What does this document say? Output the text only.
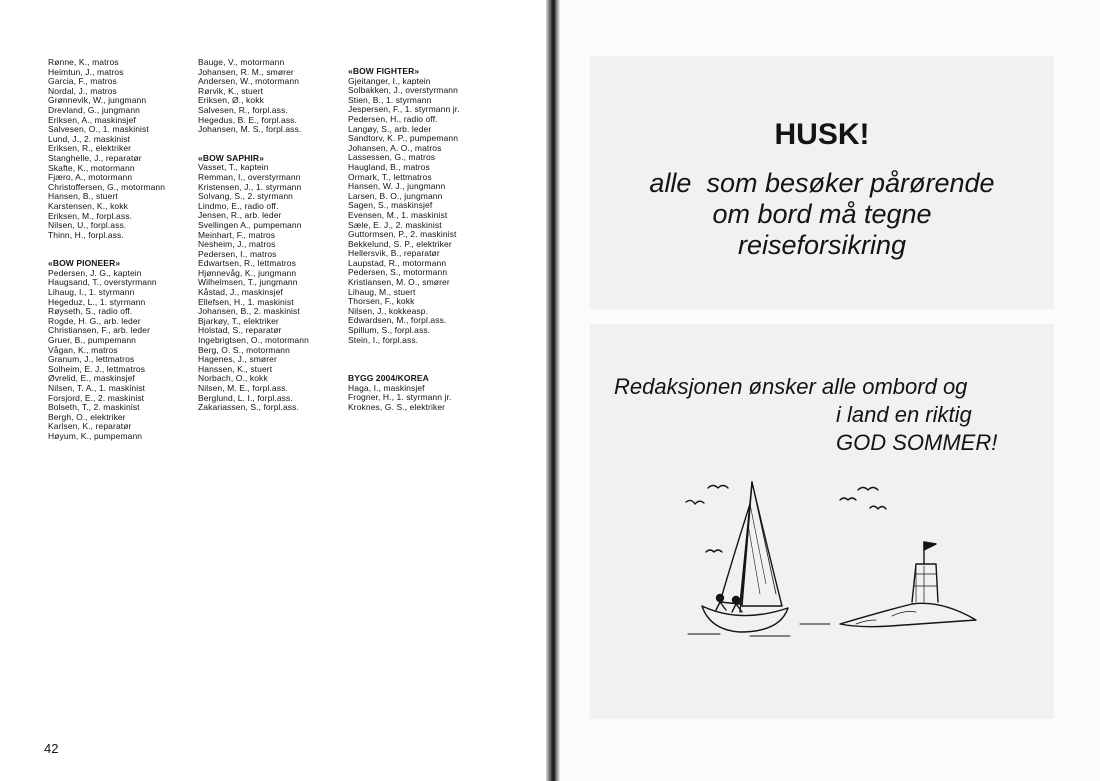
Rønne, K., matros
Heimtun, J., matros
Garcia, F., matros
Nordal, J., matros
Grønnevik, W., jungmann
Drevland, G., jungmann
Eriksen, A., maskinsjef
Salvesen, O., 1. maskinist
Lund, J., 2. maskinist
Eriksen, R., elektriker
Stanghelle, J., reparatør
Skafte, K., motormann
Fjæro, A., motormann
Christoffersen, G., motormann
Hansen, B., stuert
Karstensen, K., kokk
Eriksen, M., forpl.ass.
Nilsen, U., forpl.ass.
Thinn, H., forpl.ass.
«BOW PIONEER»
Pedersen, J. G., kaptein
Haugsand, T., overstyrmann
Lihaug, I., 1. styrmann
Hegeduz, L., 1. styrmann
Røyseth, S., radio off.
Rogde, H. G., arb. leder
Christiansen, F., arb. leder
Gruer, B., pumpemann
Vågan, K., matros
Granum, J., lettmatros
Solheim, E. J., lettmatros
Øvrelid, E., maskinsjef
Nilsen, T. A., 1. maskinist
Forsjord, E., 2. maskinist
Bolseth, T., 2. maskinist
Bergh, O., elektriker
Karlsen, K., reparatør
Høyum, K., pumpemann
Bauge, V., motormann
Johansen, R. M., smører
Andersen, W., motormann
Rørvik, K., stuert
Eriksen, Ø., kokk
Salvesen, R., forpl.ass.
Hegedus, B. E., forpl.ass.
Johansen, M. S., forpl.ass.
«BOW SAPHIR»
Vasset, T., kaptein
Remman, I., overstyrmann
Kristensen, J., 1. styrmann
Solvang, S., 2. styrmann
Lindmo, E., radio off.
Jensen, R., arb. leder
Svellingen A., pumpemann
Meinhart, F., matros
Nesheim, J., matros
Pedersen, I., matros
Edwartsen, R., lettmatros
Hjønnevåg, K., jungmann
Wilhelmsen, T., jungmann
Kåstad, J., maskinsjef
Ellefsen, H., 1. maskinist
Johansen, B., 2. maskinist
Bjarkøy, T., elektriker
Holstad, S., reparatør
Ingebrigtsen, O., motormann
Berg, O. S., motormann
Hagenes, J., smører
Hanssen, K., stuert
Norbach, O., kokk
Nilsen, M. E., forpl.ass.
Berglund, L. I., forpl.ass.
Zakariassen, S., forpl.ass.
«BOW FIGHTER»
Gjeitanger, I., kaptein
Solbakken, J., overstyrmann
Stien, B., 1. styrmann
Jespersen, F., 1. styrmann jr.
Pedersen, H., radio off.
Langøy, S., arb. leder
Sandtorv, K. P., pumpemann
Johansen, A. O., matros
Lassessen, G., matros
Haugland, B., matros
Ormark, T., lettmatros
Hansen, W. J., jungmann
Larsen, B. O., jungmann
Sagen, S., maskinsjef
Evensen, M., 1. maskinist
Sæle, E. J., 2. maskinist
Guttormsen, P., 2. maskinist
Bekkelund, S. P., elektriker
Hellersvik, B., reparatør
Laupstad, R., motormann
Pedersen, S., motormann
Kristiansen, M. O., smører
Lihaug, M., stuert
Thorsen, F., kokk
Nilsen, J., kokkeasp.
Edwardsen, M., forpl.ass.
Spillum, S., forpl.ass.
Stein, I., forpl.ass.
BYGG 2004/KOREA
Haga, I., maskinsjef
Frogner, H., 1. styrmann jr.
Kroknes, G. S., elektriker
42
HUSK!
alle  som besøker pårørende
om bord må tegne
reiseforsikring
Redaksjonen ønsker alle ombord og
i land en riktig
GOD SOMMER!
